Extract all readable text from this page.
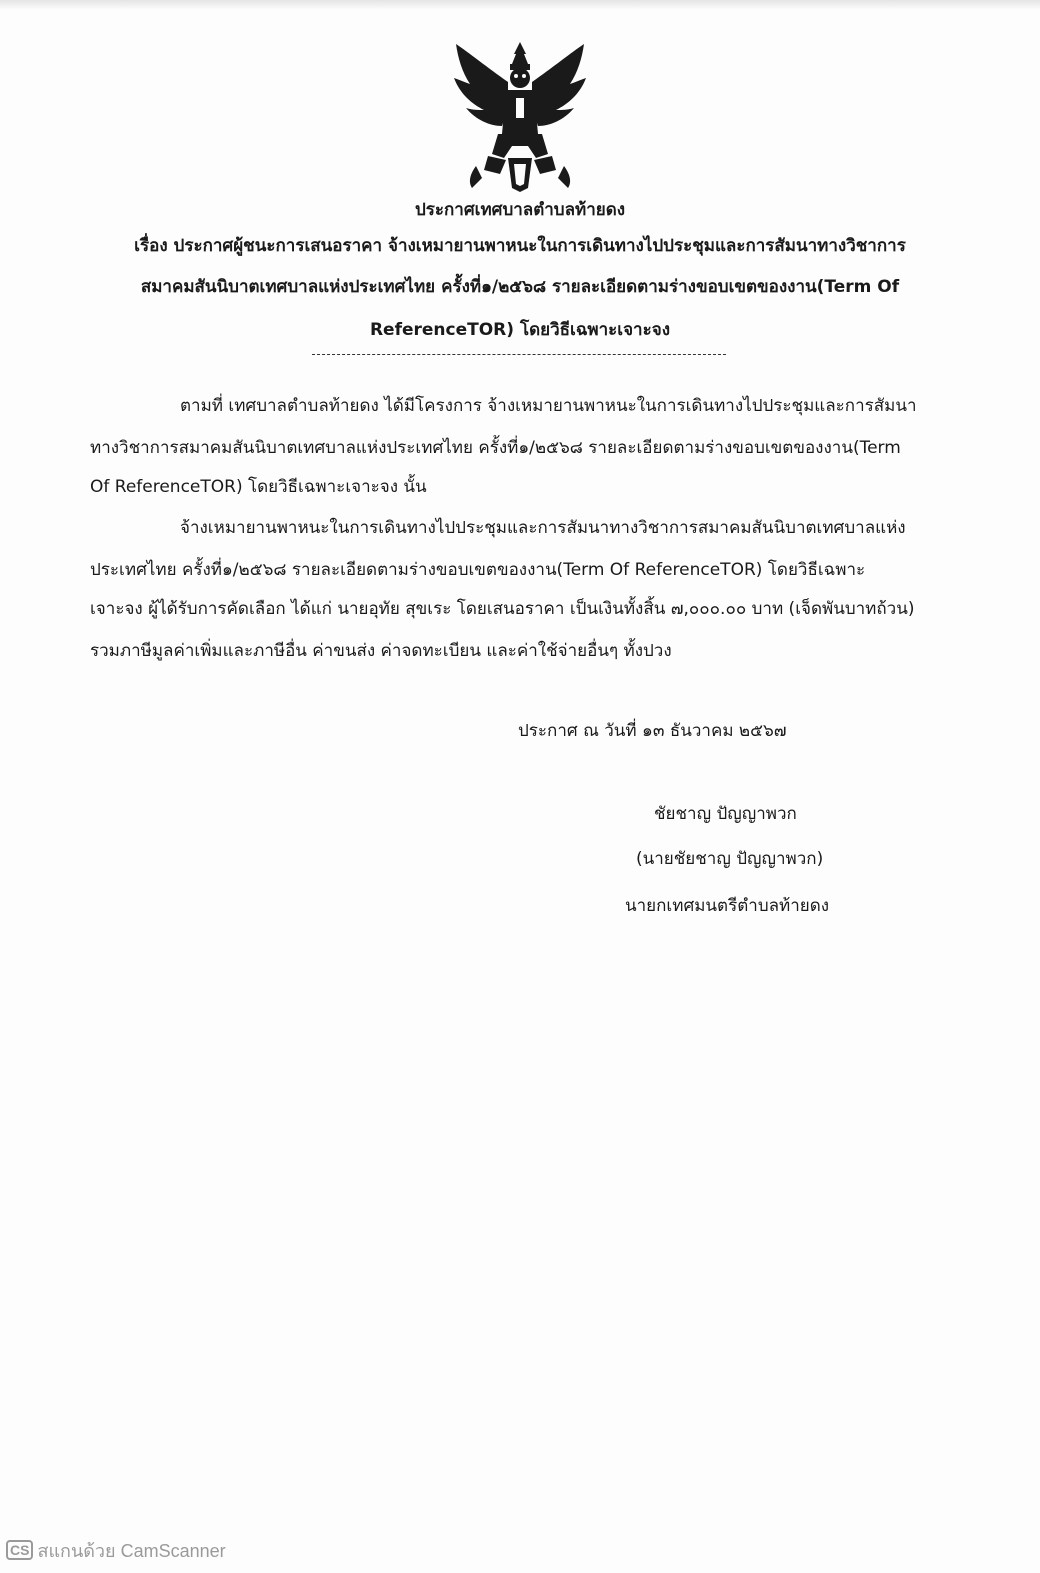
ประกาศเทศบาลตำบลท้ายดง
เรื่อง ประกาศผู้ชนะการเสนอราคา จ้างเหมายานพาหนะในการเดินทางไปประชุมและการสัมนาทางวิชาการ
สมาคมสันนิบาตเทศบาลแห่งประเทศไทย ครั้งที่๑/๒๕๖๘ รายละเอียดตามร่างขอบเขตของงาน(Term Of
ReferenceTOR) โดยวิธีเฉพาะเจาะจง
ตามที่ เทศบาลตำบลท้ายดง ได้มีโครงการ จ้างเหมายานพาหนะในการเดินทางไปประชุมและการสัมนา
ทางวิชาการสมาคมสันนิบาตเทศบาลแห่งประเทศไทย ครั้งที่๑/๒๕๖๘ รายละเอียดตามร่างขอบเขตของงาน(Term
Of ReferenceTOR) โดยวิธีเฉพาะเจาะจง นั้น
จ้างเหมายานพาหนะในการเดินทางไปประชุมและการสัมนาทางวิชาการสมาคมสันนิบาตเทศบาลแห่ง
ประเทศไทย ครั้งที่๑/๒๕๖๘ รายละเอียดตามร่างขอบเขตของงาน(Term Of ReferenceTOR) โดยวิธีเฉพาะ
เจาะจง ผู้ได้รับการคัดเลือก ได้แก่ นายอุทัย สุขเระ โดยเสนอราคา เป็นเงินทั้งสิ้น ๗,๐๐๐.๐๐ บาท (เจ็ดพันบาทถ้วน)
รวมภาษีมูลค่าเพิ่มและภาษีอื่น ค่าขนส่ง ค่าจดทะเบียน และค่าใช้จ่ายอื่นๆ ทั้งปวง
ประกาศ ณ วันที่ ๑๓ ธันวาคม ๒๕๖๗
ชัยชาญ ปัญญาพวก
(นายชัยชาญ ปัญญาพวก)
นายกเทศมนตรีตำบลท้ายดง
CS สแกนด้วย CamScanner
